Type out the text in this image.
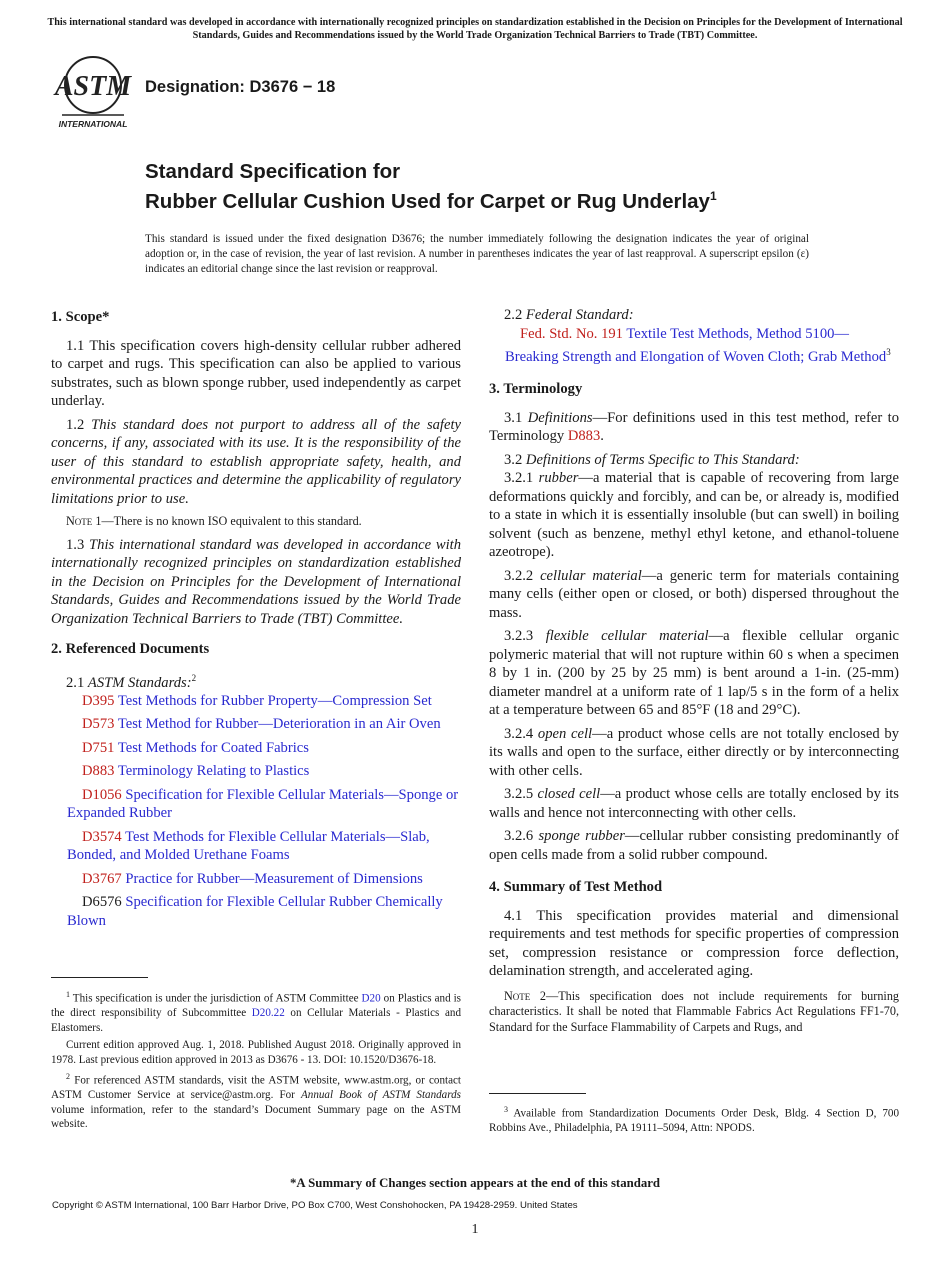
This international standard was developed in accordance with internationally recognized principles on standardization established in the Decision on Principles for the Development of International Standards, Guides and Recommendations issued by the World Trade Organization Technical Barriers to Trade (TBT) Committee.
ASTM
INTERNATIONAL
Designation: D3676 − 18
Standard Specification for
Rubber Cellular Cushion Used for Carpet or Rug Underlay$^1$
This standard is issued under the fixed designation D3676; the number immediately following the designation indicates the year of original adoption or, in the case of revision, the year of last revision. A number in parentheses indicates the year of last reapproval. A superscript epsilon (ε) indicates an editorial change since the last revision or reapproval.
1. Scope*

1.1 This specification covers high-density cellular rubber adhered to carpet and rugs. This specification can also be applied to various substrates, such as blown sponge rubber, used independently as carpet underlay.

1.2 This standard does not purport to address all of the safety concerns, if any, associated with its use. It is the responsibility of the user of this standard to establish appropriate safety, health, and environmental practices and determine the applicability of regulatory limitations prior to use.

Note 1—There is no known ISO equivalent to this standard.

1.3 This international standard was developed in accordance with internationally recognized principles on standardization established in the Decision on Principles for the Development of International Standards, Guides and Recommendations issued by the World Trade Organization Technical Barriers to Trade (TBT) Committee.

2. Referenced Documents

2.1 ASTM Standards:$^2$

D395 Test Methods for Rubber Property—Compression Set

D573 Test Method for Rubber—Deterioration in an Air Oven

D751 Test Methods for Coated Fabrics

D883 Terminology Relating to Plastics

D1056 Specification for Flexible Cellular Materials—Sponge or Expanded Rubber

D3574 Test Methods for Flexible Cellular Materials—Slab, Bonded, and Molded Urethane Foams

D3767 Practice for Rubber—Measurement of Dimensions

D6576 Specification for Flexible Cellular Rubber Chemically Blown

$^1$ This specification is under the jurisdiction of ASTM Committee D20 on Plastics and is the direct responsibility of Subcommittee D20.22 on Cellular Materials - Plastics and Elastomers.

Current edition approved Aug. 1, 2018. Published August 2018. Originally approved in 1978. Last previous edition approved in 2013 as D3676 - 13. DOI: 10.1520/D3676-18.

$^2$ For referenced ASTM standards, visit the ASTM website, www.astm.org, or contact ASTM Customer Service at service@astm.org. For Annual Book of ASTM Standards volume information, refer to the standard’s Document Summary page on the ASTM website.

2.2 Federal Standard:

Fed. Std. No. 191 Textile Test Methods, Method 5100—Breaking Strength and Elongation of Woven Cloth; Grab Method$^3$

3. Terminology

3.1 Definitions—For definitions used in this test method, refer to Terminology D883.

3.2 Definitions of Terms Specific to This Standard:

3.2.1 rubber—a material that is capable of recovering from large deformations quickly and forcibly, and can be, or already is, modified to a state in which it is essentially insoluble (but can swell) in boiling solvent (such as benzene, methyl ethyl ketone, and ethanol-toluene azeotrope).

3.2.2 cellular material—a generic term for materials containing many cells (either open or closed, or both) dispersed throughout the mass.

3.2.3 flexible cellular material—a flexible cellular organic polymeric material that will not rupture within 60 s when a specimen 8 by 1 in. (200 by 25 by 25 mm) is bent around a 1-in. (25-mm) diameter mandrel at a uniform rate of 1 lap/5 s in the form of a helix at a temperature between 65 and 85°F (18 and 29°C).

3.2.4 open cell—a product whose cells are not totally enclosed by its walls and open to the surface, either directly or by interconnecting with other cells.

3.2.5 closed cell—a product whose cells are totally enclosed by its walls and hence not interconnecting with other cells.

3.2.6 sponge rubber—cellular rubber consisting predominantly of open cells made from a solid rubber compound.

4. Summary of Test Method

4.1 This specification provides material and dimensional requirements and test methods for specific properties of compression set, compression resistance or compression force deflection, delamination strength, and accelerated aging.

Note 2—This specification does not include requirements for burning characteristics. It shall be noted that Flammable Fabrics Act Regulations FF1-70, Standard for the Surface Flammability of Carpets and Rugs, and

$^3$ Available from Standardization Documents Order Desk, Bldg. 4 Section D, 700 Robbins Ave., Philadelphia, PA 19111–5094, Attn: NPODS.

*A Summary of Changes section appears at the end of this standard
Copyright © ASTM International, 100 Barr Harbor Drive, PO Box C700, West Conshohocken, PA 19428-2959. United States
1
